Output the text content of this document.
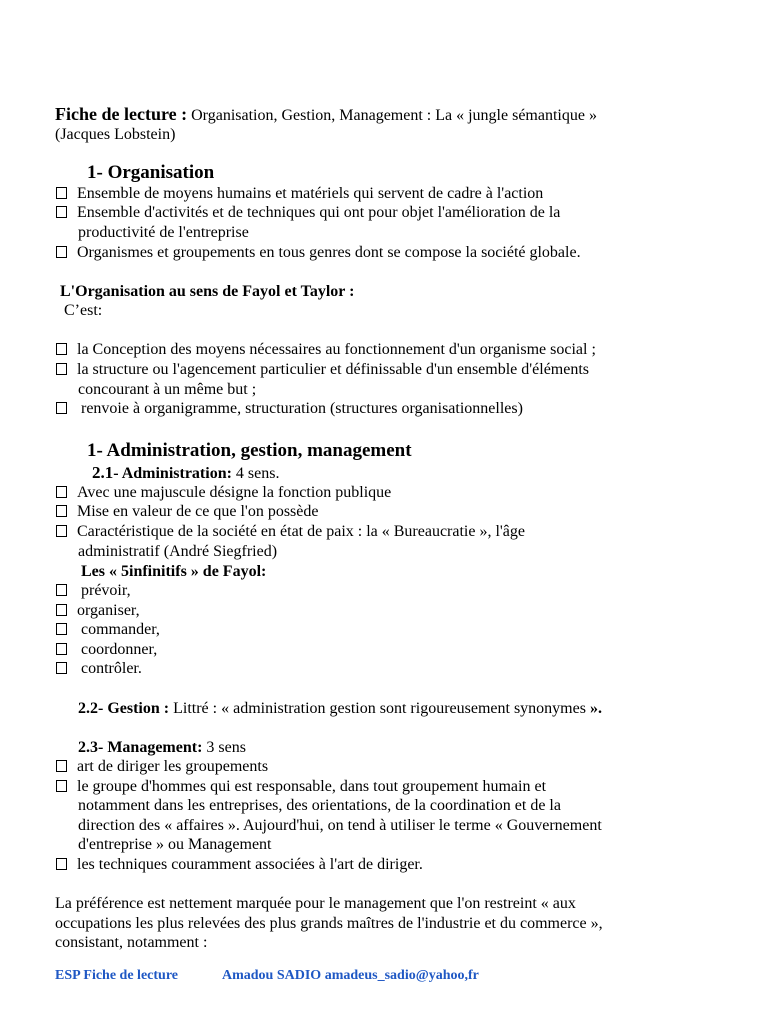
Fiche de lecture : Organisation, Gestion, Management : La « jungle sémantique »
(Jacques Lobstein)
1- Organisation
Ensemble de moyens humains et matériels qui servent de cadre à l'action
Ensemble d'activités et de techniques qui ont pour objet l'amélioration de la
productivité de l'entreprise
Organismes et groupements en tous genres dont se compose la société globale.
L'Organisation au sens de Fayol et Taylor :
C’est:
la Conception des moyens nécessaires au fonctionnement d'un organisme social ;
la structure ou l'agencement particulier et définissable d'un ensemble d'éléments
concourant à un même but ;
renvoie à organigramme, structuration (structures organisationnelles)
1- Administration, gestion, management
2.1- Administration: 4 sens.
Avec une majuscule désigne la fonction publique
Mise en valeur de ce que l'on possède
Caractéristique de la société en état de paix : la « Bureaucratie », l'âge
administratif (André Siegfried)
Les « 5infinitifs » de Fayol:
prévoir,
organiser,
commander,
coordonner,
contrôler.
2.2- Gestion : Littré : « administration gestion sont rigoureusement synonymes ».
2.3- Management: 3 sens
art de diriger les groupements
le groupe d'hommes qui est responsable, dans tout groupement humain et
notamment dans les entreprises, des orientations, de la coordination et de la
direction des « affaires ». Aujourd'hui, on tend à utiliser le terme « Gouvernement
d'entreprise » ou Management
les techniques couramment associées à l'art de diriger.
La préférence est nettement marquée pour le management que l'on restreint « aux
occupations les plus relevées des plus grands maîtres de l'industrie et du commerce »,
consistant, notamment :
ESP Fiche de lecture	Amadou SADIO amadeus_sadio@yahoo,fr
